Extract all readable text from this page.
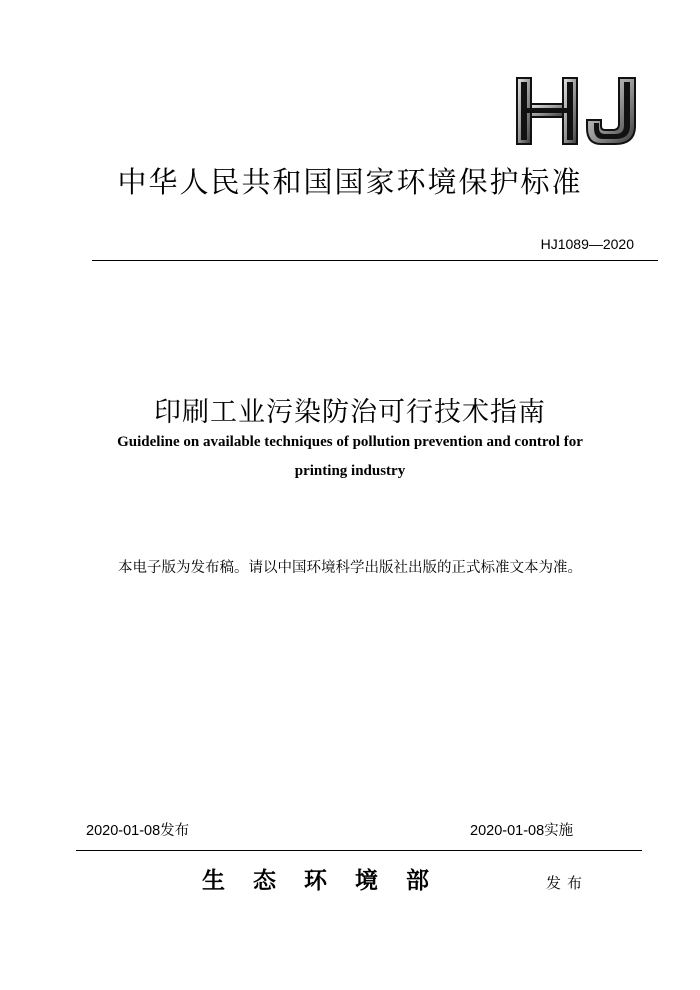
HJ
中华人民共和国国家环境保护标准
HJ1089—2020
印刷工业污染防治可行技术指南
Guideline on available techniques of pollution prevention and control for
printing industry
本电子版为发布稿。请以中国环境科学出版社出版的正式标准文本为准。
2020-01-08发布	2020-01-08实施
生态环境部	发布
